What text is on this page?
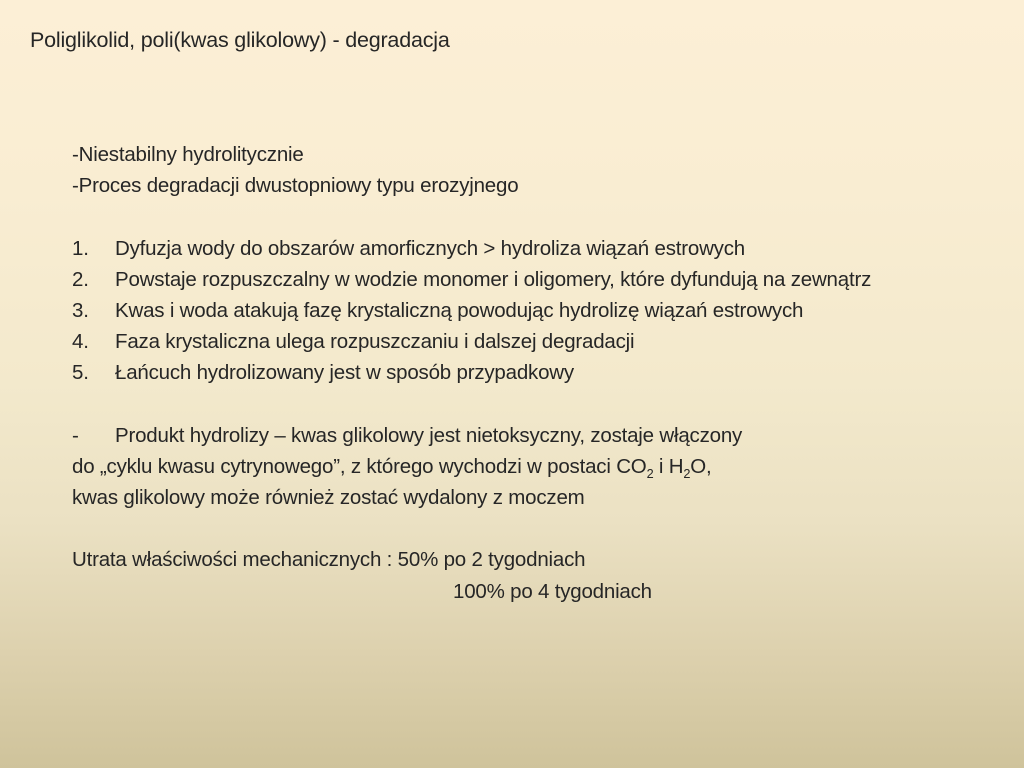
Poliglikolid, poli(kwas glikolowy) - degradacja
-Niestabilny hydrolitycznie
-Proces degradacji dwustopniowy typu erozyjnego
1.	Dyfuzja wody do obszarów amorficznych > hydroliza wiązań estrowych
2.	Powstaje rozpuszczalny w wodzie monomer i oligomery, które dyfundują na zewnątrz
3.	Kwas i woda atakują fazę krystaliczną powodując hydrolizę wiązań estrowych
4.	Faza krystaliczna ulega rozpuszczaniu i dalszej degradacji
5.	Łańcuch hydrolizowany jest w sposób przypadkowy
-	Produkt hydrolizy – kwas glikolowy jest nietoksyczny, zostaje włączony
do „cyklu kwasu cytrynowego”, z którego wychodzi w postaci $CO_2$ i $H_2O$,
kwas glikolowy może również zostać wydalony z moczem
Utrata właściwości mechanicznych : 50% po 2 tygodniach
100% po 4 tygodniach
